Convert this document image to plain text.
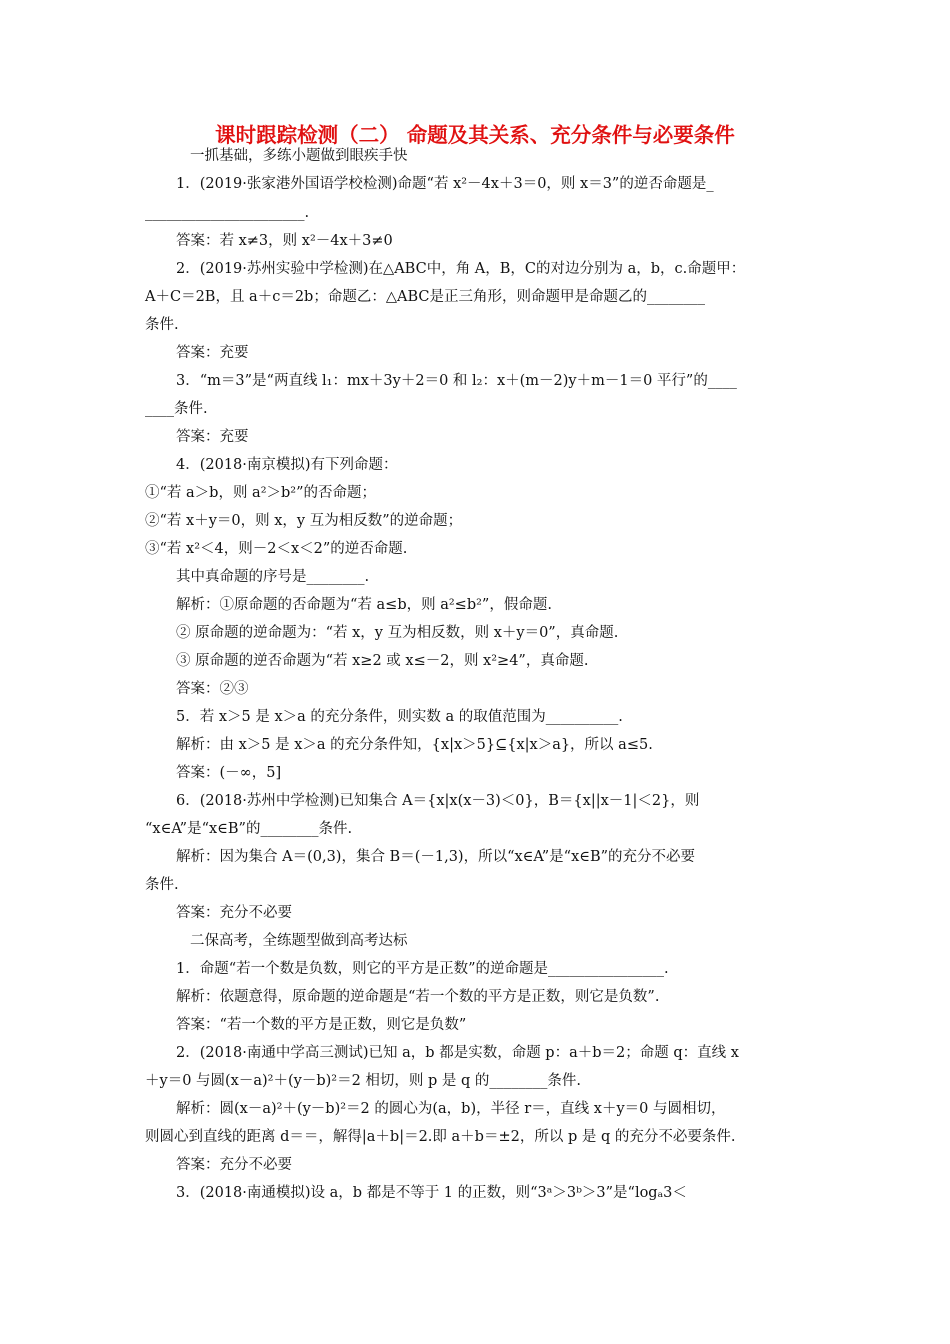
课时跟踪检测（二） 命题及其关系、充分条件与必要条件
一抓基础，多练小题做到眼疾手快
1．(2019·张家港外国语学校检测)命题“若 x²－4x＋3＝0，则 x＝3”的逆否命题是_
______________________.
答案：若 x≠3，则 x²－4x＋3≠0
2．(2019·苏州实验中学检测)在△ABC中，角 A，B，C的对边分别为 a，b，c.命题甲：
A＋C＝2B，且 a＋c＝2b；命题乙：△ABC是正三角形，则命题甲是命题乙的________
条件.
答案：充要
3．“m＝3”是“两直线 l₁：mx＋3y＋2＝0 和 l₂：x＋(m－2)y＋m－1＝0 平行”的____
____条件.
答案：充要
4．(2018·南京模拟)有下列命题：
①“若 a＞b，则 a²＞b²”的否命题；
②“若 x＋y＝0，则 x，y 互为相反数”的逆命题；
③“若 x²＜4，则－2＜x＜2”的逆否命题.
其中真命题的序号是________.
解析：①原命题的否命题为“若 a≤b，则 a²≤b²”，假命题.
② 原命题的逆命题为：“若 x，y 互为相反数，则 x＋y＝0”，真命题.
③ 原命题的逆否命题为“若 x≥2 或 x≤－2，则 x²≥4”，真命题.
答案：②③
5．若 x＞5 是 x＞a 的充分条件，则实数 a 的取值范围为__________.
解析：由 x＞5 是 x＞a 的充分条件知，{x|x＞5}⊆{x|x＞a}，所以 a≤5.
答案：(－∞，5]
6．(2018·苏州中学检测)已知集合 A＝{x|x(x－3)＜0}，B＝{x||x－1|＜2}，则
“x∈A”是“x∈B”的________条件.
解析：因为集合 A＝(0,3)，集合 B＝(－1,3)，所以“x∈A”是“x∈B”的充分不必要
条件.
答案：充分不必要
二保高考，全练题型做到高考达标
1．命题“若一个数是负数，则它的平方是正数”的逆命题是________________.
解析：依题意得，原命题的逆命题是“若一个数的平方是正数，则它是负数”.
答案：“若一个数的平方是正数，则它是负数”
2．(2018·南通中学高三测试)已知 a，b 都是实数，命题 p：a＋b＝2；命题 q：直线 x
＋y＝0 与圆(x－a)²＋(y－b)²＝2 相切，则 p 是 q 的________条件.
解析：圆(x－a)²＋(y－b)²＝2 的圆心为(a，b)，半径 r＝，直线 x＋y＝0 与圆相切，
则圆心到直线的距离 d＝＝，解得|a＋b|＝2.即 a＋b＝±2，所以 p 是 q 的充分不必要条件.
答案：充分不必要
3．(2018·南通模拟)设 a，b 都是不等于 1 的正数，则“3ᵃ＞3ᵇ＞3”是“logₐ3＜
